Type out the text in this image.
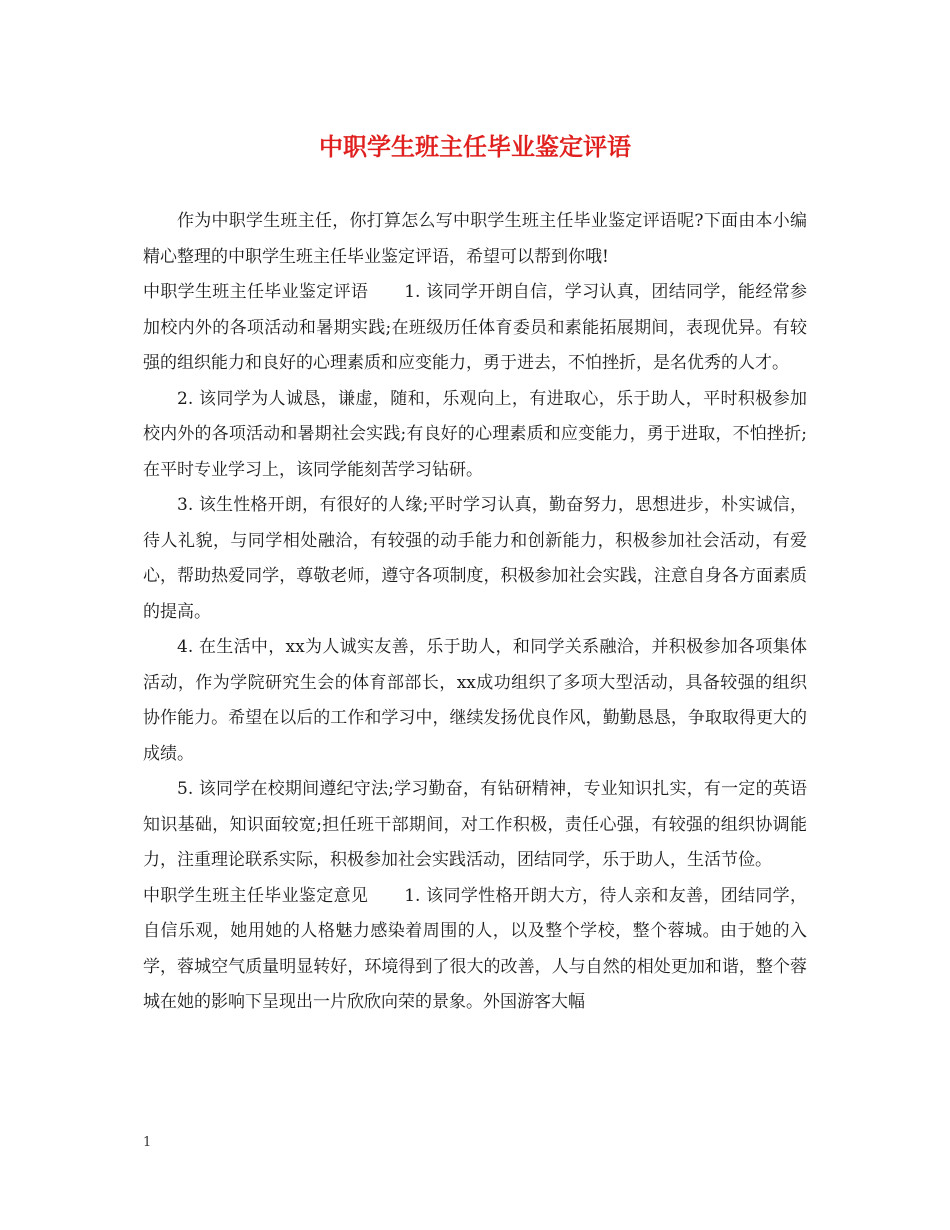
中职学生班主任毕业鉴定评语

作为中职学生班主任，你打算怎么写中职学生班主任毕业鉴定评语呢?下面由本小编精心整理的中职学生班主任毕业鉴定评语，希望可以帮到你哦!

中职学生班主任毕业鉴定评语 1. 该同学开朗自信，学习认真，团结同学，能经常参加校内外的各项活动和暑期实践;在班级历任体育委员和素能拓展期间，表现优异。有较强的组织能力和良好的心理素质和应变能力，勇于进去，不怕挫折，是名优秀的人才。

2. 该同学为人诚恳，谦虚，随和，乐观向上，有进取心，乐于助人，平时积极参加校内外的各项活动和暑期社会实践;有良好的心理素质和应变能力，勇于进取，不怕挫折;在平时专业学习上，该同学能刻苦学习钻研。

3. 该生性格开朗，有很好的人缘;平时学习认真，勤奋努力，思想进步，朴实诚信，待人礼貌，与同学相处融洽，有较强的动手能力和创新能力，积极参加社会活动，有爱心，帮助热爱同学，尊敬老师，遵守各项制度，积极参加社会实践，注意自身各方面素质的提高。

4. 在生活中，xx为人诚实友善，乐于助人，和同学关系融洽，并积极参加各项集体活动，作为学院研究生会的体育部部长，xx成功组织了多项大型活动，具备较强的组织协作能力。希望在以后的工作和学习中，继续发扬优良作风，勤勤恳恳，争取取得更大的成绩。

5. 该同学在校期间遵纪守法;学习勤奋，有钻研精神，专业知识扎实，有一定的英语知识基础，知识面较宽;担任班干部期间，对工作积极，责任心强，有较强的组织协调能力，注重理论联系实际，积极参加社会实践活动，团结同学，乐于助人，生活节俭。

中职学生班主任毕业鉴定意见 1. 该同学性格开朗大方，待人亲和友善，团结同学，自信乐观，她用她的人格魅力感染着周围的人，以及整个学校，整个蓉城。由于她的入学，蓉城空气质量明显转好，环境得到了很大的改善，人与自然的相处更加和谐，整个蓉城在她的影响下呈现出一片欣欣向荣的景象。外国游客大幅

1
